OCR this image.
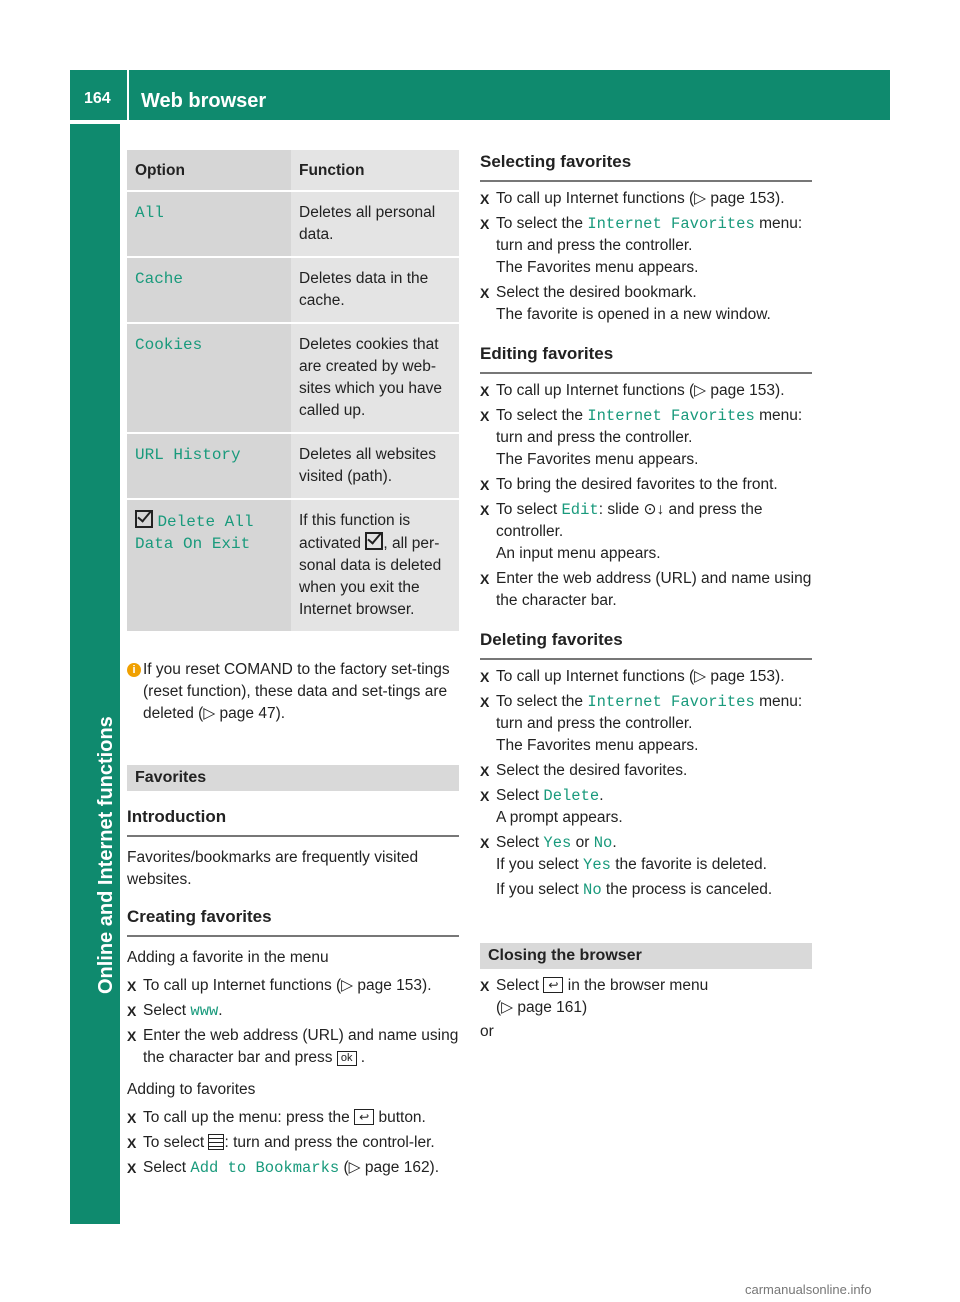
164 Web browser
Online and Internet functions
Option	Function
All	Deletes all personal data.
Cache	Deletes data in the cache.
Cookies	Deletes cookies that are created by web-sites which you have called up.
URL History	Deletes all websites visited (path).
Delete All Data On Exit	If this function is activated , all per-sonal data is deleted when you exit the Internet browser.
i If you reset COMAND to the factory set-tings (reset function), these data and set-tings are deleted (▷ page 47).
Favorites
Introduction

Favorites/bookmarks are frequently visited websites.

Creating favorites

Adding a favorite in the menu

X To call up Internet functions (▷ page 153).
X Select www.
X Enter the web address (URL) and name using the character bar and press ok .

Adding to favorites

X To call up the menu: press the ↩ button.
X To select : turn and press the control-ler.
X Select Add to Bookmarks (▷ page 162).
Selecting favorites
X To call up Internet functions (▷ page 153).
X To select the Internet Favorites menu: turn and press the controller.
The Favorites menu appears.
X Select the desired bookmark.
The favorite is opened in a new window.
Editing favorites
X To call up Internet functions (▷ page 153).
X To select the Internet Favorites menu: turn and press the controller.
The Favorites menu appears.
X To bring the desired favorites to the front.
X To select Edit: slide ⊙↓ and press the controller.
An input menu appears.
X Enter the web address (URL) and name using the character bar.
Deleting favorites
X To call up Internet functions (▷ page 153).
X To select the Internet Favorites menu: turn and press the controller.
The Favorites menu appears.
X Select the desired favorites.
X Select Delete.
A prompt appears.
X Select Yes or No.
If you select Yes the favorite is deleted.
If you select No the process is canceled.
Closing the browser
X Select ↩ in the browser menu
(▷ page 161)

or

carmanualsonline.info
